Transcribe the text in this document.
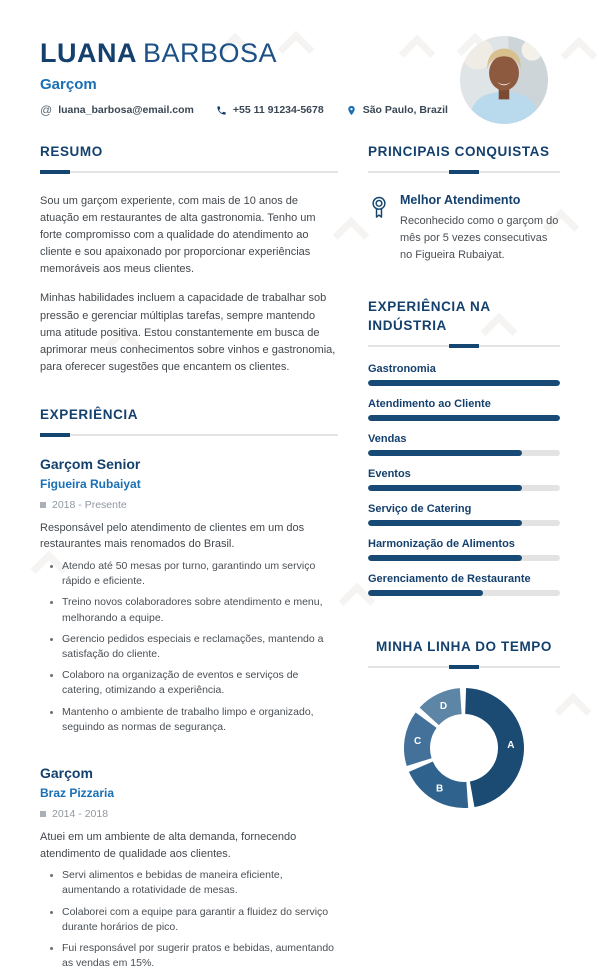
LUANA BARBOSA
Garçom
@ luana_barbosa@email.com	+55 11 91234-5678	São Paulo, Brazil
RESUMO

Sou um garçom experiente, com mais de 10 anos de atuação em restaurantes de alta gastronomia. Tenho um forte compromisso com a qualidade do atendimento ao cliente e sou apaixonado por proporcionar experiências memoráveis aos meus clientes.

Minhas habilidades incluem a capacidade de trabalhar sob pressão e gerenciar múltiplas tarefas, sempre mantendo uma atitude positiva. Estou constantemente em busca de aprimorar meus conhecimentos sobre vinhos e gastronomia, para oferecer sugestões que encantem os clientes.

EXPERIÊNCIA
Garçom Senior
Figueira Rubaiyat
2018 - Presente

Responsável pelo atendimento de clientes em um dos restaurantes mais renomados do Brasil.

• Atendo até 50 mesas por turno, garantindo um serviço rápido e eficiente.
• Treino novos colaboradores sobre atendimento e menu, melhorando a equipe.
• Gerencio pedidos especiais e reclamações, mantendo a satisfação do cliente.
• Colaboro na organização de eventos e serviços de catering, otimizando a experiência.
• Mantenho o ambiente de trabalho limpo e organizado, seguindo as normas de segurança.
Garçom
Braz Pizzaria
2014 - 2018

Atuei em um ambiente de alta demanda, fornecendo atendimento de qualidade aos clientes.

• Servi alimentos e bebidas de maneira eficiente, aumentando a rotatividade de mesas.
• Colaborei com a equipe para garantir a fluidez do serviço durante horários de pico.
• Fui responsável por sugerir pratos e bebidas, aumentando as vendas em 15%.
PRINCIPAIS CONQUISTAS
Melhor Atendimento
Reconhecido como o garçom do mês por 5 vezes consecutivas no Figueira Rubaiyat.
EXPERIÊNCIA NA INDÚSTRIA
Gastronomia
Atendimento ao Cliente
Vendas
Eventos
Serviço de Catering
Harmonização de Alimentos
Gerenciamento de Restaurante
MINHA LINHA DO TEMPO
A
B
C
D
